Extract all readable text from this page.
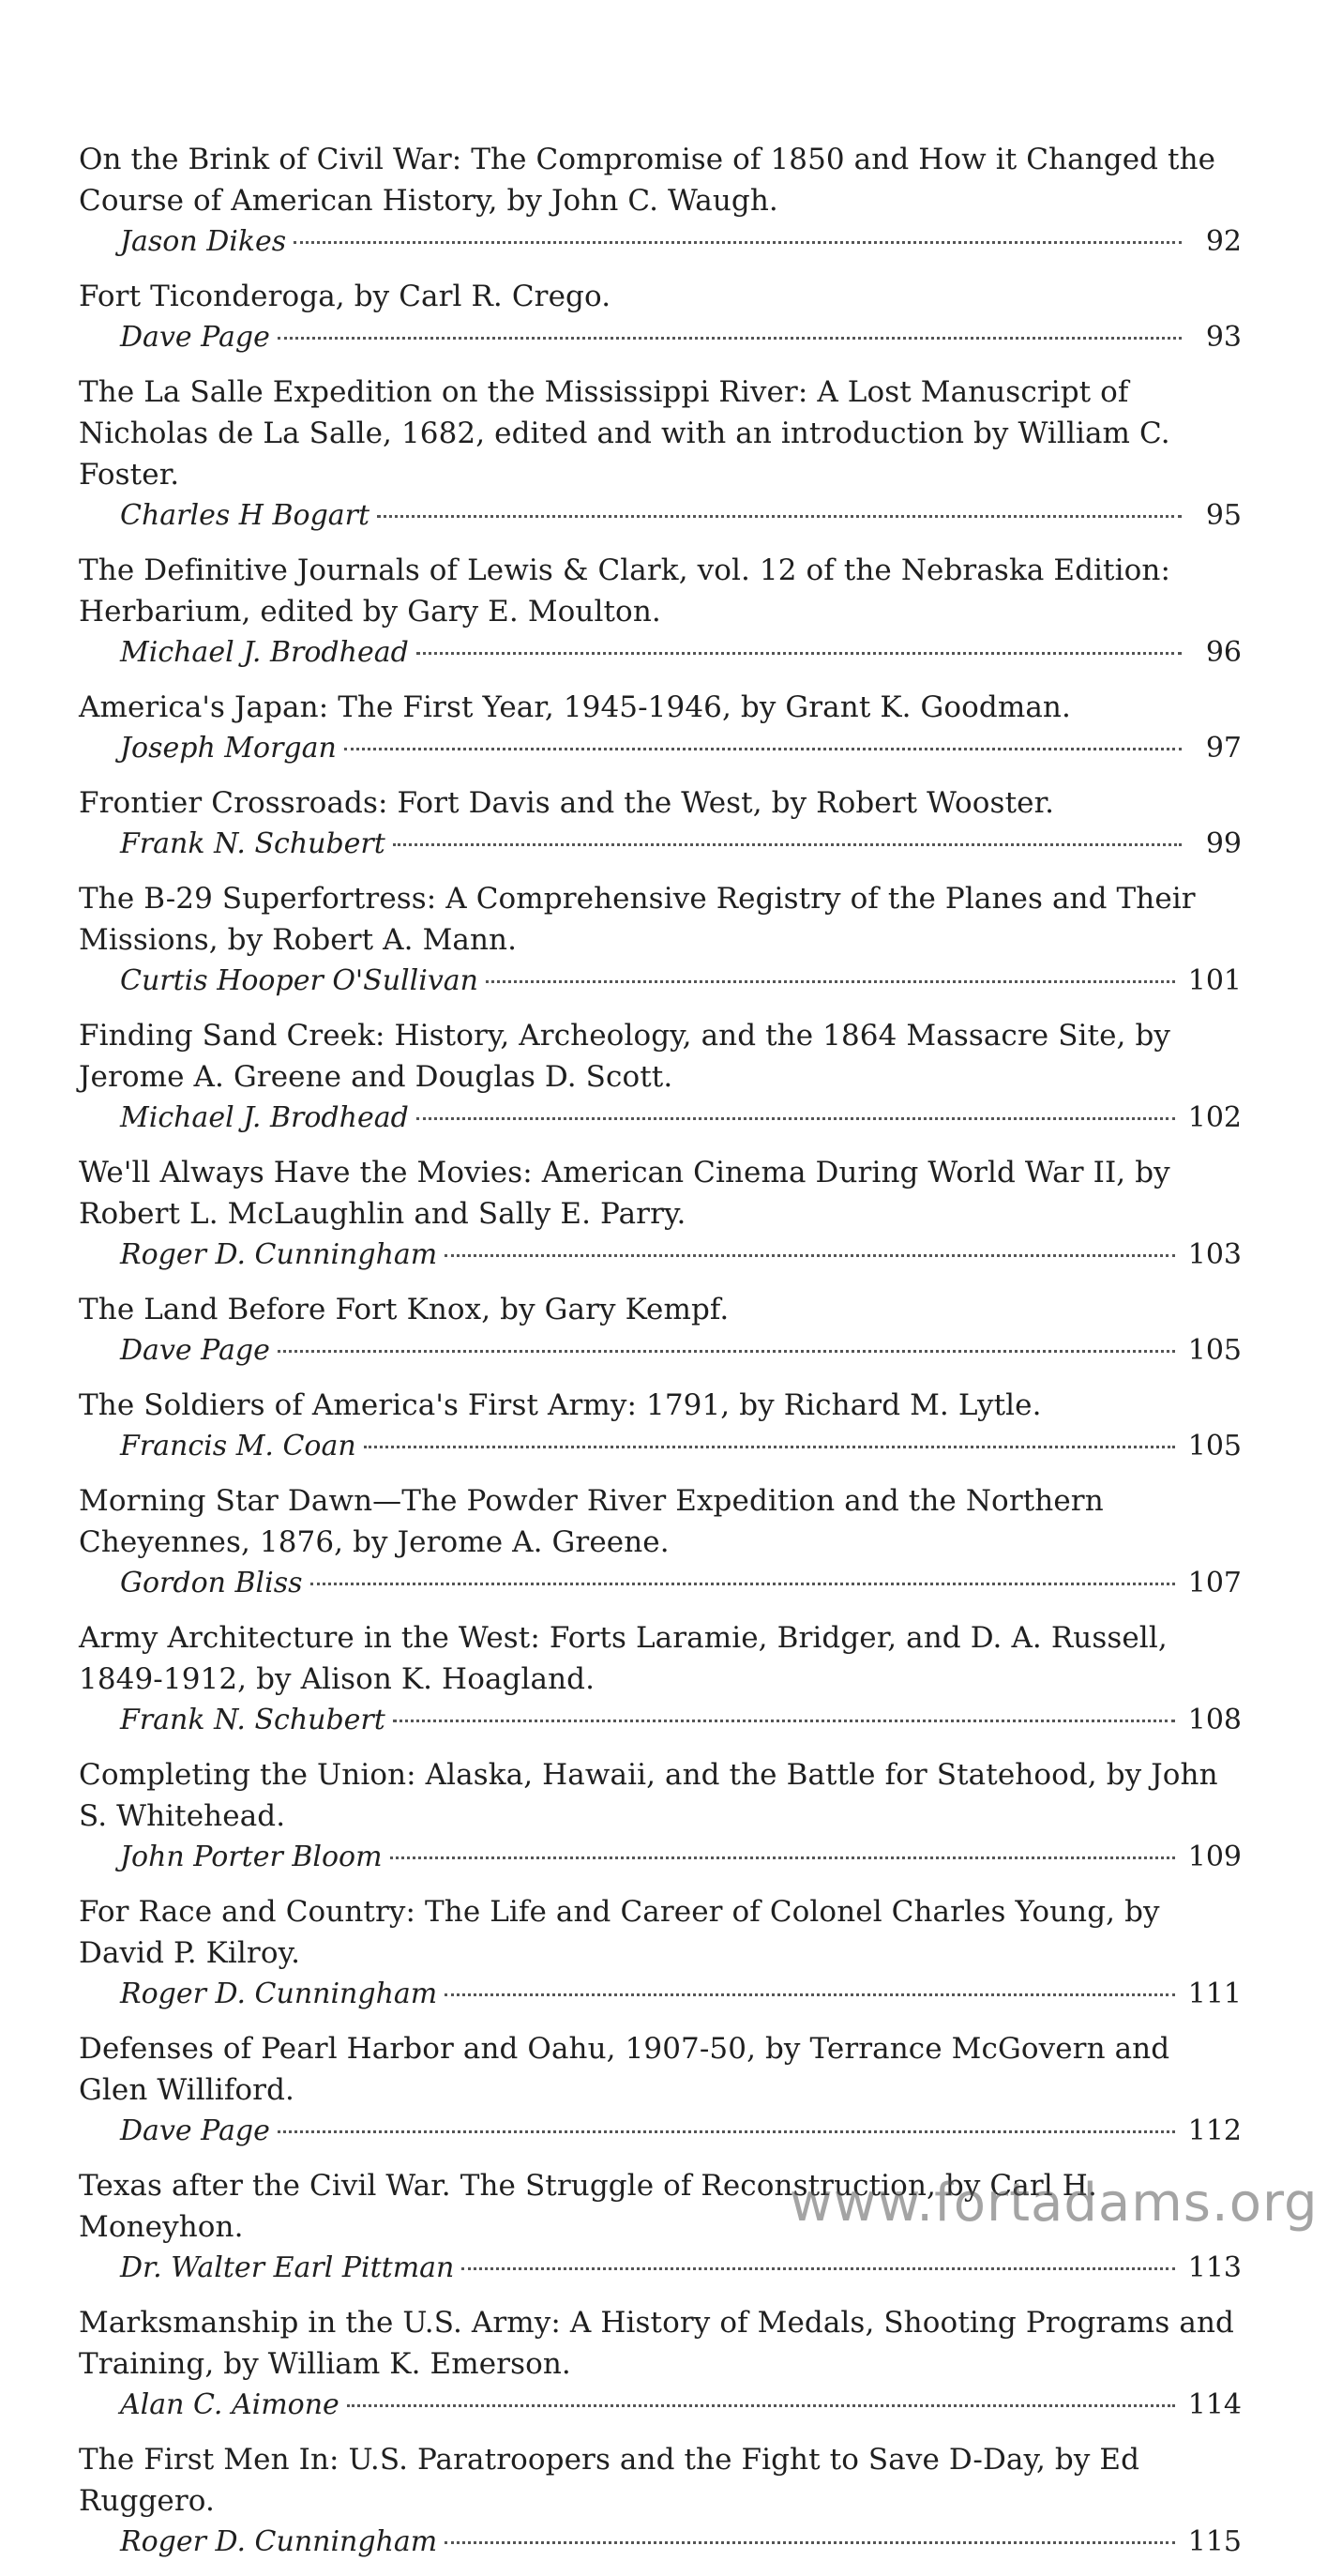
On the Brink of Civil War: The Compromise of 1850 and How it Changed the Course of American History, by John C. Waugh.
Jason Dikes	92
Fort Ticonderoga, by Carl R. Crego.
Dave Page	93
The La Salle Expedition on the Mississippi River: A Lost Manuscript of Nicholas de La Salle, 1682, edited and with an introduction by William C. Foster.
Charles H Bogart	95
The Definitive Journals of Lewis & Clark, vol. 12 of the Nebraska Edition: Herbarium, edited by Gary E. Moulton.
Michael J. Brodhead	96
America's Japan: The First Year, 1945-1946, by Grant K. Goodman.
Joseph Morgan	97
Frontier Crossroads: Fort Davis and the West, by Robert Wooster.
Frank N. Schubert	99
The B-29 Superfortress: A Comprehensive Registry of the Planes and Their Missions, by Robert A. Mann.
Curtis Hooper O'Sullivan	101
Finding Sand Creek: History, Archeology, and the 1864 Massacre Site, by Jerome A. Greene and Douglas D. Scott.
Michael J. Brodhead	102
We'll Always Have the Movies: American Cinema During World War II, by Robert L. McLaughlin and Sally E. Parry.
Roger D. Cunningham	103
The Land Before Fort Knox, by Gary Kempf.
Dave Page	105
The Soldiers of America's First Army: 1791, by Richard M. Lytle.
Francis M. Coan	105
Morning Star Dawn—The Powder River Expedition and the Northern Cheyennes, 1876, by Jerome A. Greene.
Gordon Bliss	107
Army Architecture in the West: Forts Laramie, Bridger, and D. A. Russell, 1849-1912, by Alison K. Hoagland.
Frank N. Schubert	108
Completing the Union: Alaska, Hawaii, and the Battle for Statehood, by John S. Whitehead.
John Porter Bloom	109
For Race and Country: The Life and Career of Colonel Charles Young, by David P. Kilroy.
Roger D. Cunningham	111
Defenses of Pearl Harbor and Oahu, 1907-50, by Terrance McGovern and Glen Williford.
Dave Page	112
Texas after the Civil War. The Struggle of Reconstruction, by Carl H. Moneyhon.
Dr. Walter Earl Pittman	113
Marksmanship in the U.S. Army: A History of Medals, Shooting Programs and Training, by William K. Emerson.
Alan C. Aimone	114
The First Men In: U.S. Paratroopers and the Fight to Save D-Day, by Ed Ruggero.
Roger D. Cunningham	115
www.fortadams.org
